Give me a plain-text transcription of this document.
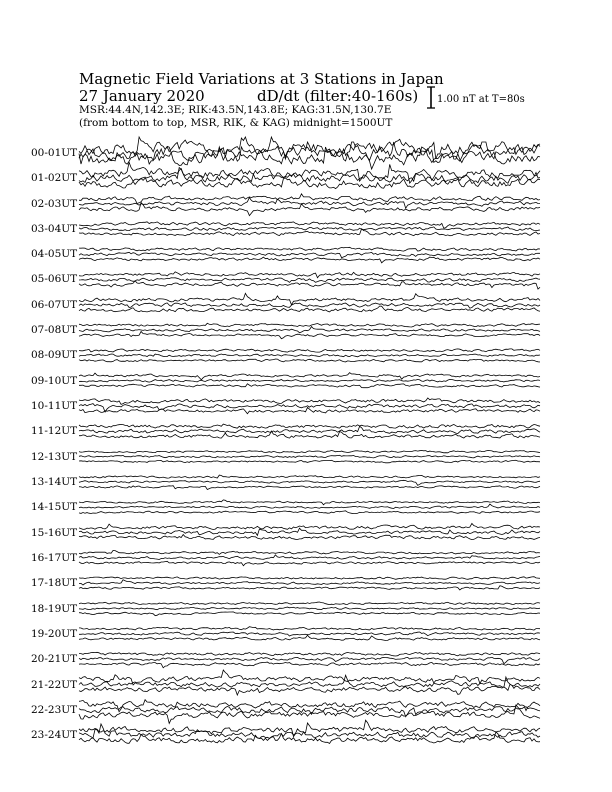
Magnetic Field Variations at 3 Stations in Japan
27 January 2020	dD/dt (filter:40-160s)
MSR:44.4N,142.3E; RIK:43.5N,143.8E; KAG:31.5N,130.7E
(from bottom to top, MSR, RIK, & KAG) midnight=1500UT
1.00 nT at T=80s
00-01UT
01-02UT
02-03UT
03-04UT
04-05UT
05-06UT
06-07UT
07-08UT
08-09UT
09-10UT
10-11UT
11-12UT
12-13UT
13-14UT
14-15UT
15-16UT
16-17UT
17-18UT
18-19UT
19-20UT
20-21UT
21-22UT
22-23UT
23-24UT
